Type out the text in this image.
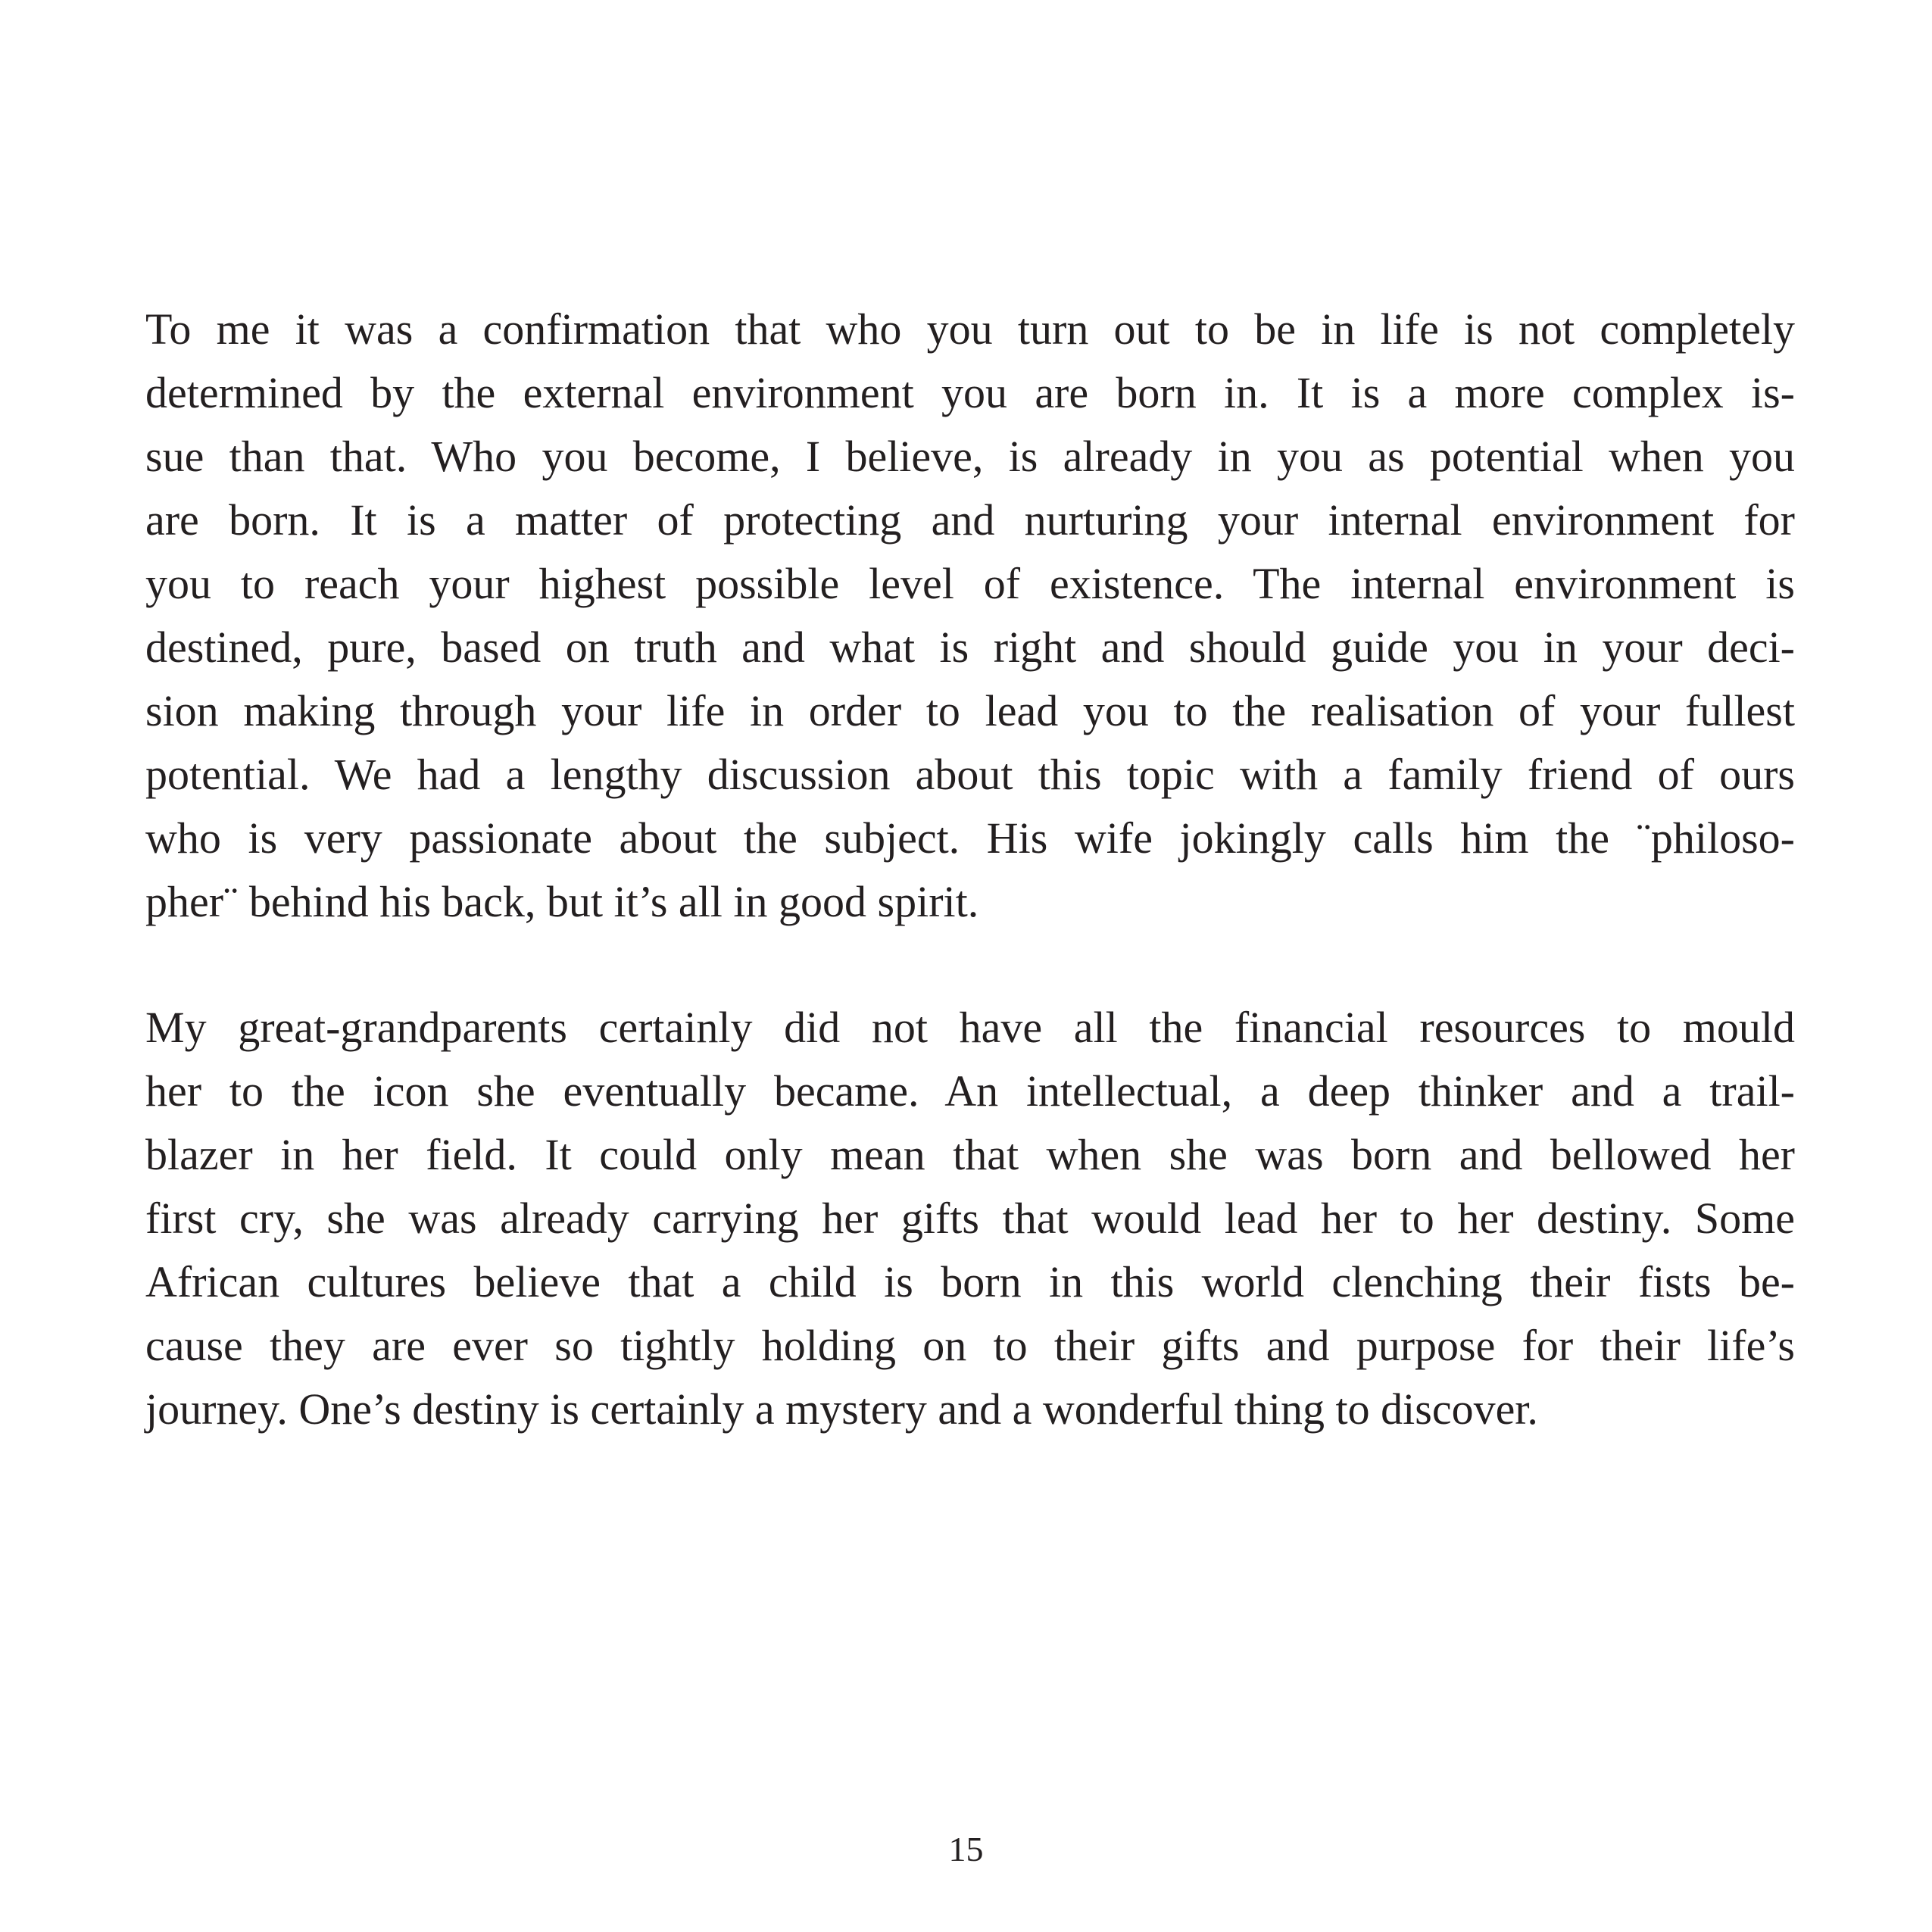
To me it was a confirmation that who you turn out to be in life is not completely
determined by the external environment you are born in. It is a more complex is-
sue than that. Who you become, I believe, is already in you as potential when you
are born. It is a matter of protecting and nurturing your internal environment for
you to reach your highest possible level of existence. The internal environment is
destined, pure, based on truth and what is right and should guide you in your deci-
sion making through your life in order to lead you to the realisation of your fullest
potential. We had a lengthy discussion about this topic with a family friend of ours
who is very passionate about the subject. His wife jokingly calls him the ¨philoso-
pher¨ behind his back, but it’s all in good spirit.

My great-grandparents certainly did not have all the financial resources to mould
her to the icon she eventually became. An intellectual, a deep thinker and a trail-
blazer in her field. It could only mean that when she was born and bellowed her
first cry, she was already carrying her gifts that would lead her to her destiny. Some
African cultures believe that a child is born in this world clenching their fists be-
cause they are ever so tightly holding on to their gifts and purpose for their life’s
journey. One’s destiny is certainly a mystery and a wonderful thing to discover.

15
